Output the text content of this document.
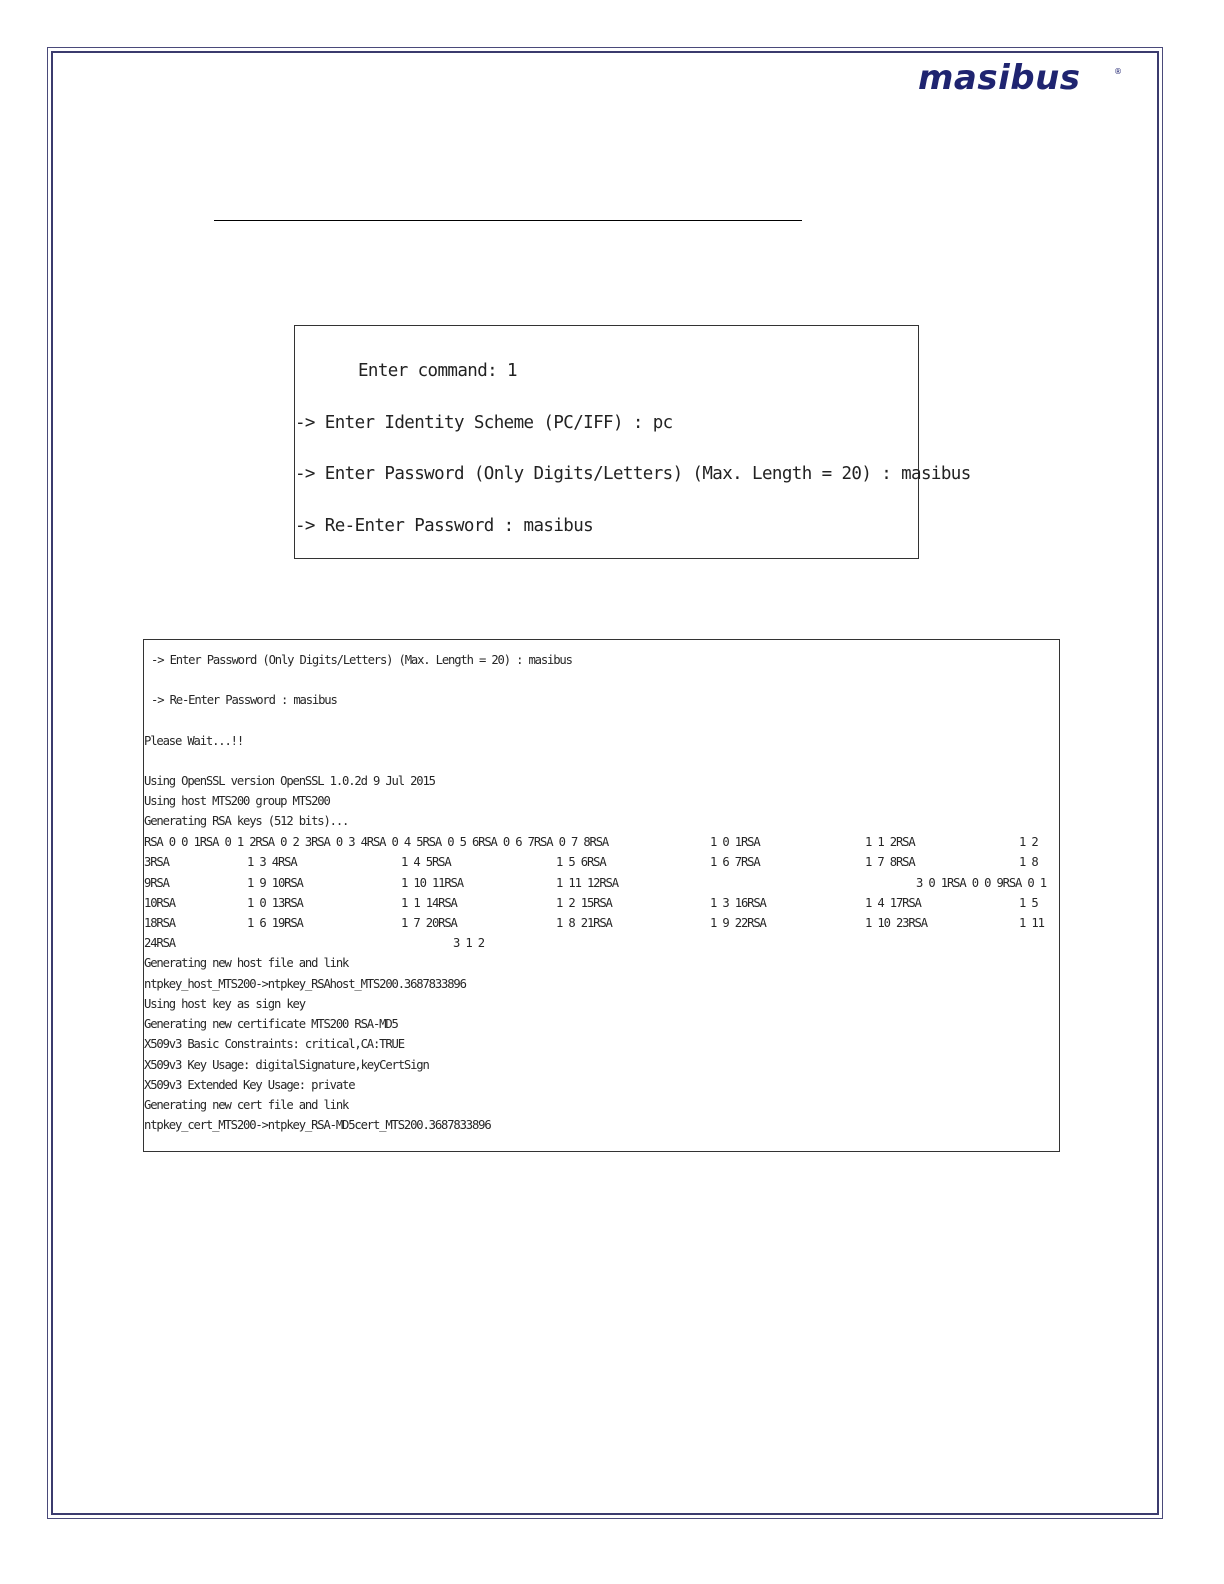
masibus	®
Enter command: 1
-> Enter Identity Scheme (PC/IFF) : pc
-> Enter Password (Only Digits/Letters) (Max. Length = 20) : masibus
-> Re-Enter Password : masibus
-> Enter Password (Only Digits/Letters) (Max. Length = 20) : masibus
-> Re-Enter Password : masibus
Please Wait...!!
Using OpenSSL version OpenSSL 1.0.2d 9 Jul 2015
Using host MTS200 group MTS200
Generating RSA keys (512 bits)...
RSA 0 0 1RSA 0 1 2RSA 0 2 3RSA 0 3 4RSA 0 4 5RSA 0 5 6RSA 0 6 7RSA 0 7 8RSA	1 0 1RSA	1 1 2RSA	1 2
3RSA	1 3 4RSA	1 4 5RSA	1 5 6RSA	1 6 7RSA	1 7 8RSA	1 8
9RSA	1 9 10RSA	1 10 11RSA	1 11 12RSA	3 0 1RSA 0 0 9RSA 0 1
10RSA	1 0 13RSA	1 1 14RSA	1 2 15RSA	1 3 16RSA	1 4 17RSA	1 5
18RSA	1 6 19RSA	1 7 20RSA	1 8 21RSA	1 9 22RSA	1 10 23RSA	1 11
24RSA	3 1 2
Generating new host file and link
ntpkey_host_MTS200->ntpkey_RSAhost_MTS200.3687833896
Using host key as sign key
Generating new certificate MTS200 RSA-MD5
X509v3 Basic Constraints: critical,CA:TRUE
X509v3 Key Usage: digitalSignature,keyCertSign
X509v3 Extended Key Usage: private
Generating new cert file and link
ntpkey_cert_MTS200->ntpkey_RSA-MD5cert_MTS200.3687833896
